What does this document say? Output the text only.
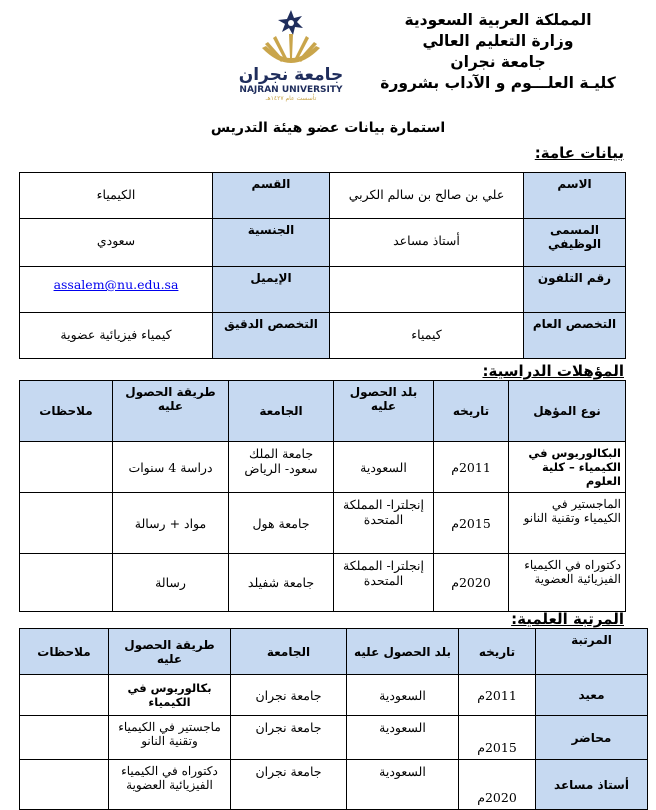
المملكة العربية السعودية
وزارة التعليم العالي
جامعة نجران
كليـة العلـــوم و الآداب بشرورة
جامعة نجران
NAJRAN UNIVERSITY
تأسست عام ١٤٢٧هـ
استمارة بيانات عضو هيئة التدريس
بيانات عامة:
الاسم	علي بن صالح بن سالم الكربي	القسم	الكيمياء
المسمى الوظيفي	أستاذ مساعد	الجنسية	سعودي
رقم التلفون		الإيميل	assalem@nu.edu.sa
التخصص العام	كيمياء	التخصص الدقيق	كيمياء فيزيائية عضوية
المؤهلات الدراسية:
نوع المؤهل	تاريخه	بلد الحصول عليه	الجامعة	طريقة الحصول عليه	ملاحظات
البكالوريوس في الكيمياء – كلية العلوم	2011م	السعودية	جامعة الملك سعود- الرياض	دراسة 4 سنوات	
الماجستير في الكيمياء وتقنية النانو	2015م	إنجلترا- المملكة المتحدة	جامعة هول	مواد + رسالة	
دكتوراه في الكيمياء الفيزيائية العضوية	2020م	إنجلترا- المملكة المتحدة	جامعة شفيلد	رسالة	
المرتبة العلمية:
المرتبة	تاريخه	بلد الحصول عليه	الجامعة	طريقة الحصول عليه	ملاحظات
معيد	2011م	السعودية	جامعة نجران	بكالوريوس في الكيمياء	
محاضر	2015م	السعودية	جامعة نجران	ماجستير في الكيمياء وتقنية النانو	
أستاذ مساعد	2020م	السعودية	جامعة نجران	دكتوراه في الكيمياء الفيزيائية العضوية	
